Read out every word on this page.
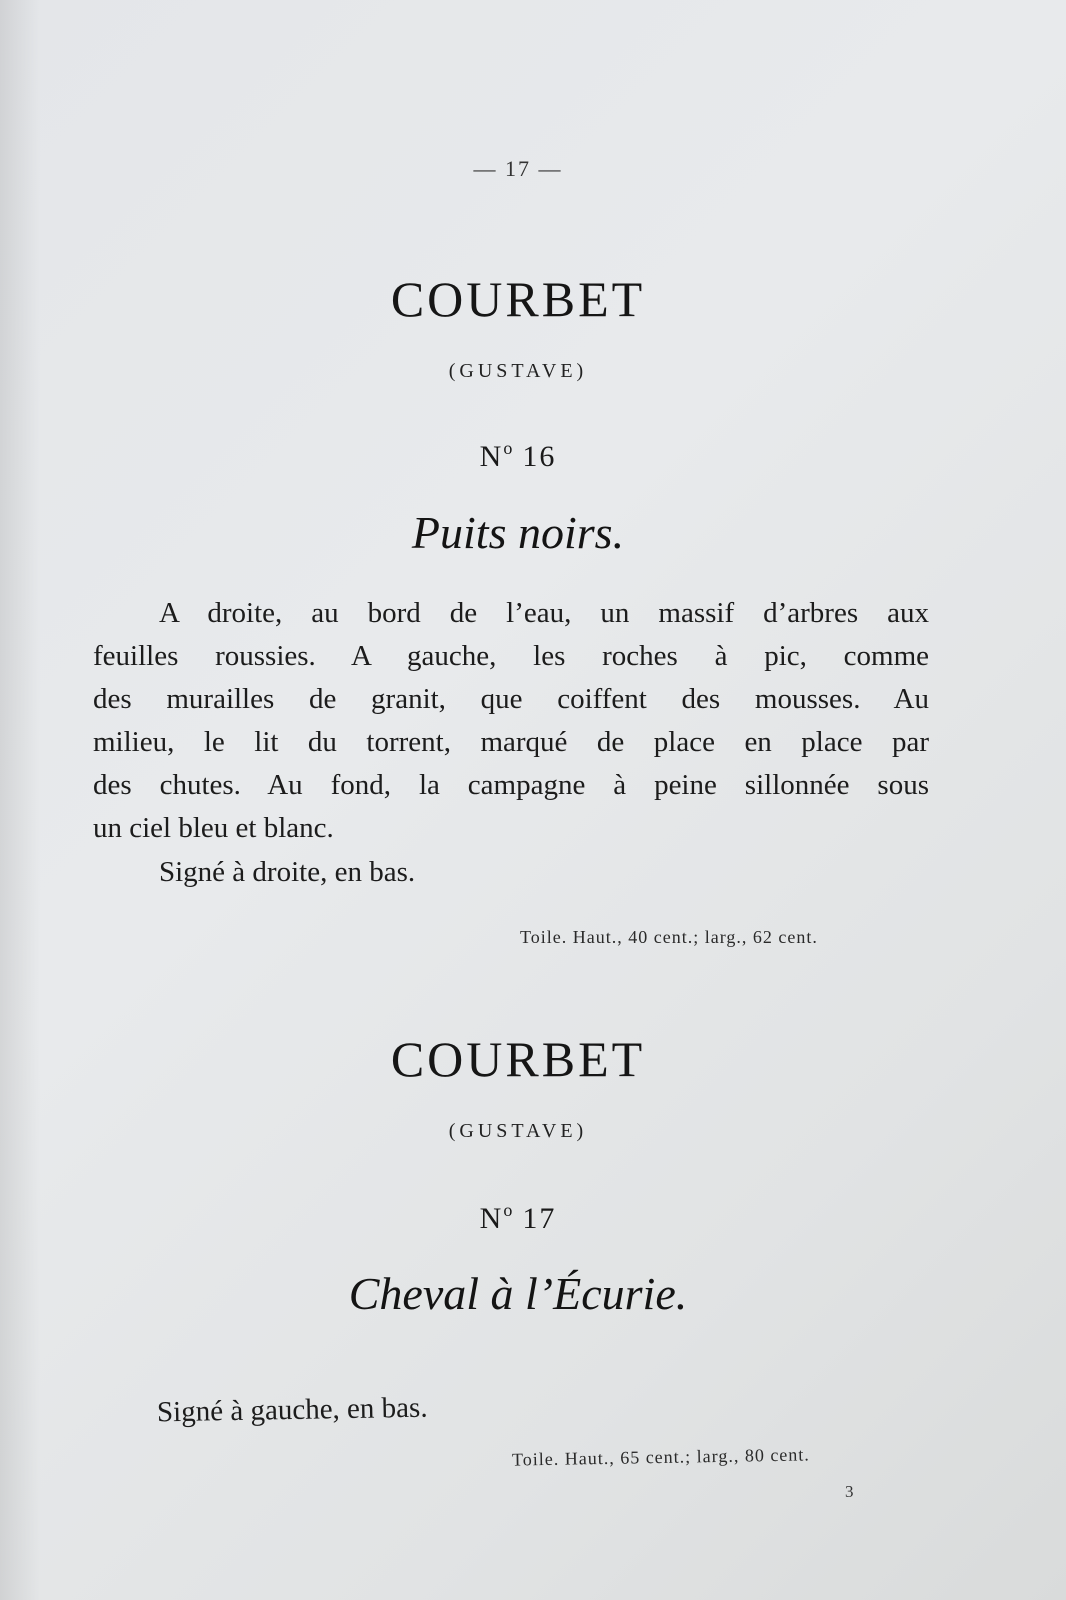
— 17 —
COURBET
(GUSTAVE)
$N^o$ 16
Puits noirs.
A droite, au bord de l’eau, un massif d’arbres aux
feuilles roussies. A gauche, les roches à pic, comme
des murailles de granit, que coiffent des mousses. Au
milieu, le lit du torrent, marqué de place en place par
des chutes. Au fond, la campagne à peine sillonnée sous
un ciel bleu et blanc.
Signé à droite, en bas.
Toile. Haut., 40 cent.; larg., 62 cent.
COURBET
(GUSTAVE)
$N^o$ 17
Cheval à l’Écurie.
Signé à gauche, en bas.
Toile. Haut., 65 cent.; larg., 80 cent.
3
